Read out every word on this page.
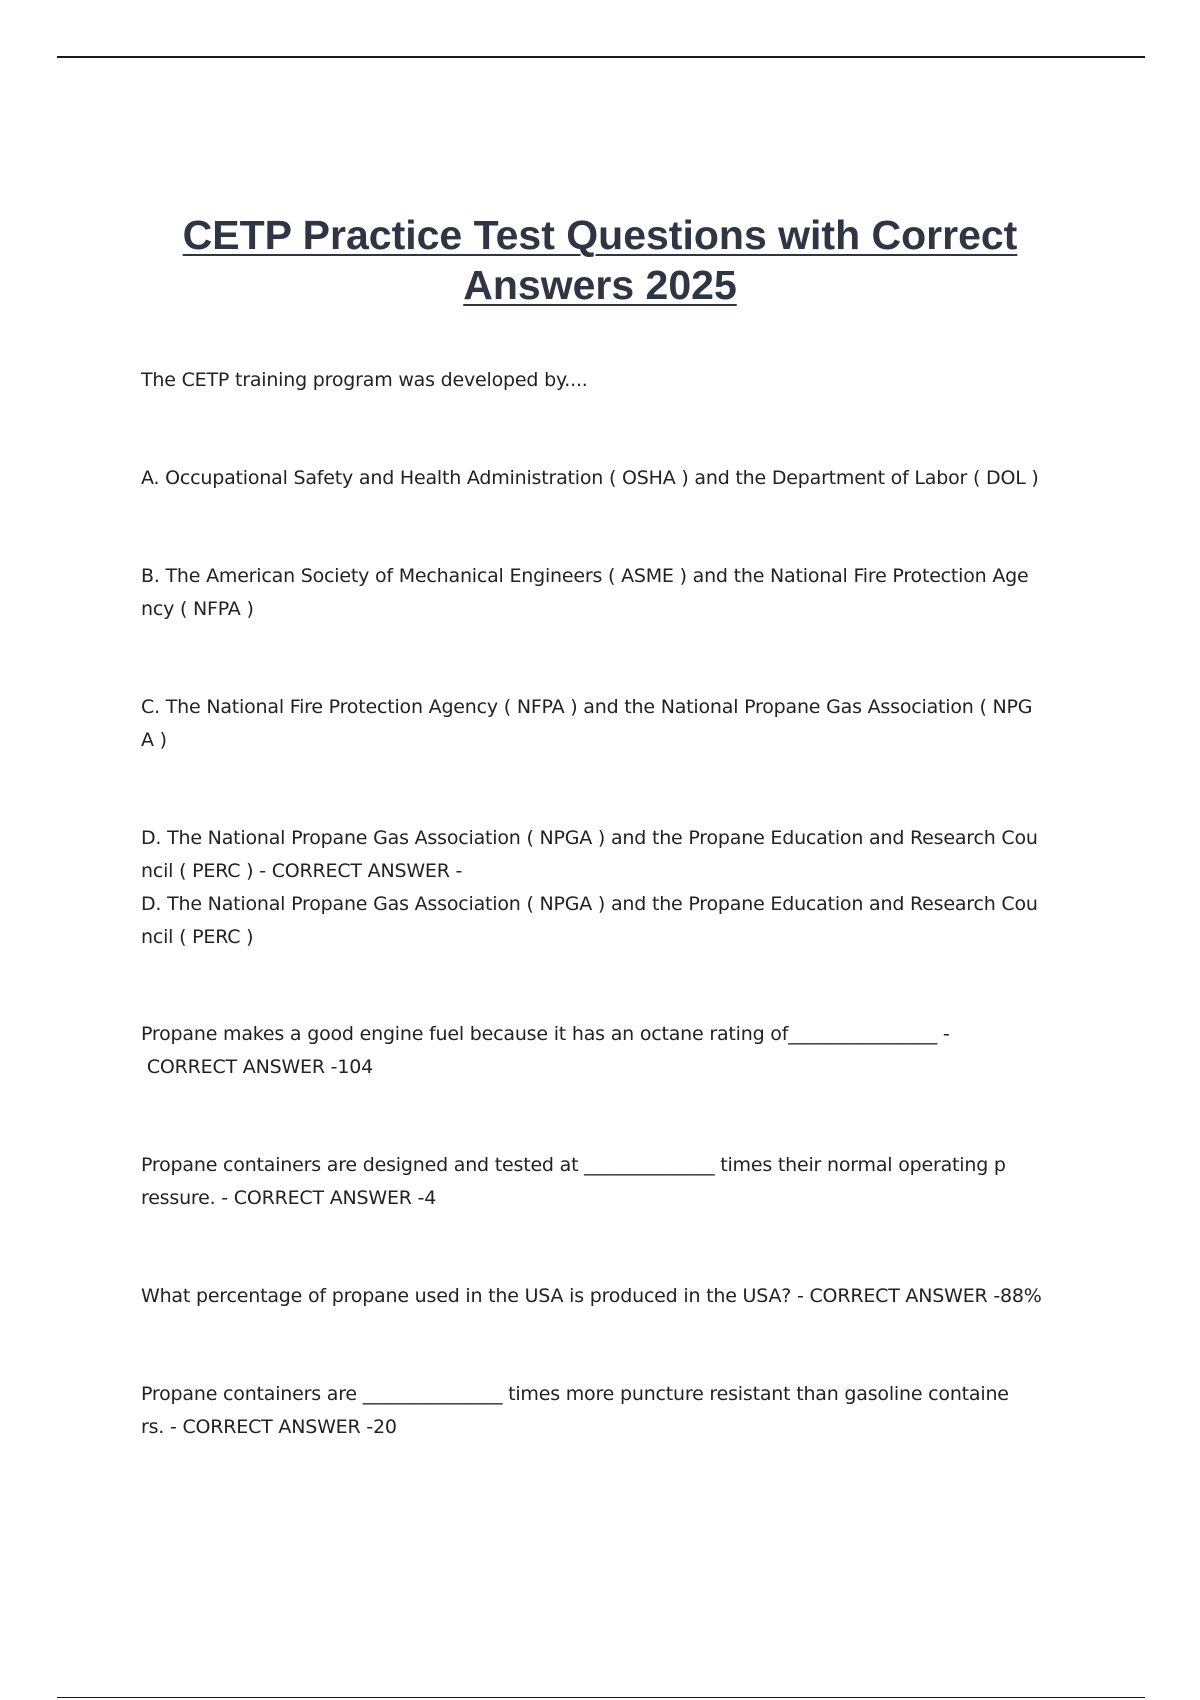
CETP Practice Test Questions with Correct
Answers 2025
The CETP training program was developed by....
A. Occupational Safety and Health Administration ( OSHA ) and the Department of Labor ( DOL )
B. The American Society of Mechanical Engineers ( ASME ) and the National Fire Protection Age
ncy ( NFPA )
C. The National Fire Protection Agency ( NFPA ) and the National Propane Gas Association ( NPG
A )
D. The National Propane Gas Association ( NPGA ) and the Propane Education and Research Cou
ncil ( PERC ) - CORRECT ANSWER -
D. The National Propane Gas Association ( NPGA ) and the Propane Education and Research Cou
ncil ( PERC )
Propane makes a good engine fuel because it has an octane rating of________________ -
CORRECT ANSWER -104
Propane containers are designed and tested at ______________ times their normal operating p
ressure. - CORRECT ANSWER -4
What percentage of propane used in the USA is produced in the USA? - CORRECT ANSWER -88%
Propane containers are _______________ times more puncture resistant than gasoline containe
rs. - CORRECT ANSWER -20
